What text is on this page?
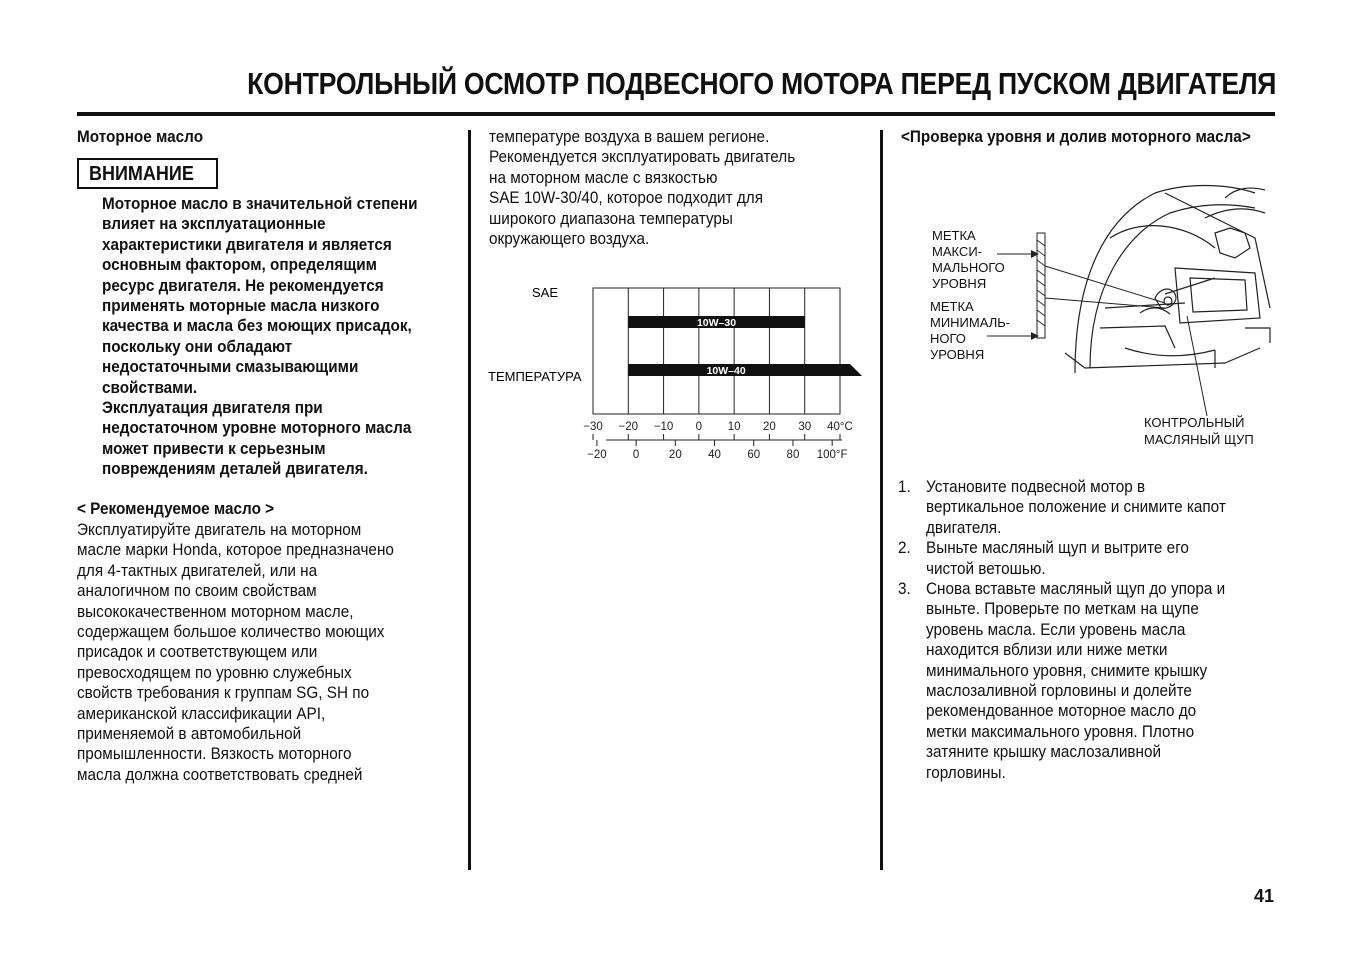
КОНТРОЛЬНЫЙ ОСМОТР ПОДВЕСНОГО МОТОРА ПЕРЕД ПУСКОМ ДВИГАТЕЛЯ
Моторное масло
ВНИМАНИЕ
Моторное масло в значительной степени
влияет на эксплуатационные
характеристики двигателя и является
основным фактором, определящим
ресурс двигателя. Не рекомендуется
применять моторные масла низкого
качества и масла без моющих присадок,
поскольку они обладают
недостаточными смазывающими
свойствами.
Эксплуатация двигателя при
недостаточном уровне моторного масла
может привести к серьезным
повреждениям деталей двигателя.
< Рекомендуемое масло >
Эксплуатируйте двигатель на моторном
масле марки Honda, которое предназначено
для 4-тактных двигателей, или на
аналогичном по своим свойствам
высококачественном моторном масле,
содержащем большое количество моющих
присадок и соответствующем или
превосходящем по уровню служебных
свойств требования к группам SG, SH по
американской классификации API,
применяемой в автомобильной
промышленности. Вязкость моторного
масла должна соответствовать средней
температуре воздуха в вашем регионе.
Рекомендуется эксплуатировать двигатель
на моторном масле с вязкостью
SAE 10W-30/40, которое подходит для
широкого диапазона температуры
окружающего воздуха.
SAE
ТЕМПЕРАТУРА
10W–30
10W–40
−30 −20 −10 0 10 20 30 40°C
−20 0	20 40 60 80 100°F
<Проверка уровня и долив моторного масла>
МЕТКА
МАКСИ-
МАЛЬНОГО
УРОВНЯ
МЕТКА
МИНИМАЛЬ-
НОГО
УРОВНЯ
КОНТРОЛЬНЫЙ
МАСЛЯНЫЙ ЩУП
1. Установите подвесной мотор в
вертикальное положение и снимите капот
двигателя.
2. Выньте масляный щуп и вытрите его
чистой ветошью.
3. Снова вставьте масляный щуп до упора и
выньте. Проверьте по меткам на щупе
уровень масла. Если уровень масла
находится вблизи или ниже метки
минимального уровня, снимите крышку
маслозаливной горловины и долейте
рекомендованное моторное масло до
метки максимального уровня. Плотно
затяните крышку маслозаливной
горловины.
41
